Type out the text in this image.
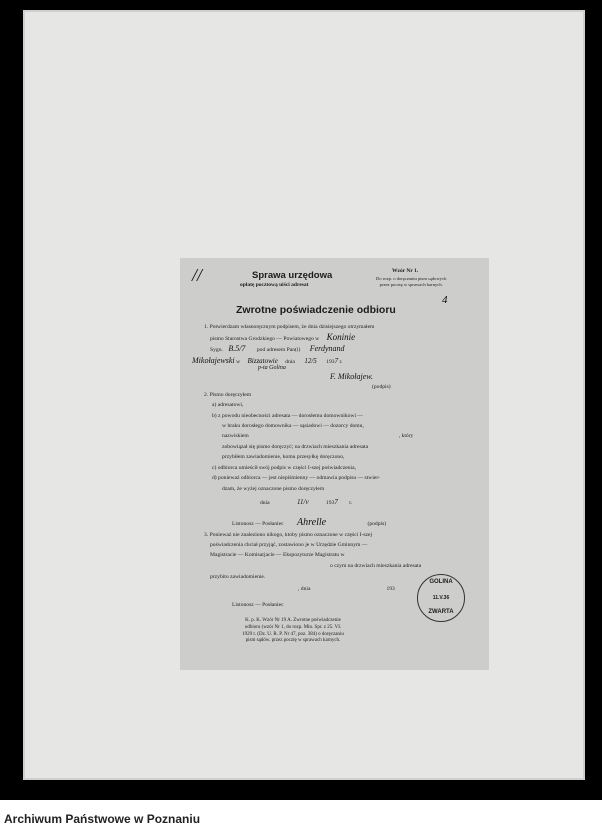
//	Sprawa urzędowa
opłatę pocztową uiści adresat
Wzór Nr 1.
Do rozp. o doręczaniu pism sądowych
przez pocztę w sprawach karnych.
4
Zwrotne poświadczenie odbioru
1. Potwierdzam własnoręcznym podpisem, że dnia dzisiejszego otrzymałem
pismo Starostwa Grodzkiego — Powiatowego w Koninie
Sygn. B.5/7 pod adresem Pan(i) Ferdynand
Mikołajewski w Bizzatowie dnia 12/5 1937 r.
p-ta Golina
F. Mikołajew.
(podpis)
2. Pismo doręczyłem
a) adresatowi,
b) z powodu nieobecności adresata — dorosłemu domownikowi —
w braku dorosłego domownika — sąsiadowi — dozorcy domu,
nazwiskiem	, który
zobowiązał się pismo doręczyć; na drzwiach mieszkania adresata
przybiłem zawiadomienie, komu przesyłkę doręczono,
c) odbiorca umieścił swój podpis w części I-szej poświadczenia,
d) ponieważ odbiorca — jest niepiśmienny — odmawia podpisu — stwier-
dzam, że wyżej oznaczone pismo doręczyłem
dnia	11/v	1937 r.
Listonosz — Posłaniec Ahrelle	(podpis)
3. Ponieważ nie znaleziono nikogo, ktoby pismo oznaczone w części I-szej
poświadczenia chciał przyjąć, zostawiono je w Urzędzie Gminnym —
Magistracie — Komisarjacie — Ekspozyturze Magistratu w
o czym na drzwiach mieszkania adresata
przybito zawiadomienie.
, dnia	193
Listonosz — Posłaniec
K. p. K. Wzór Nr 19 A. Zwrotne poświadczenie
odbioru (wzór Nr 1, do rozp. Min. Spr. z 25. VI.
1929 r. (Dz. U. R. P. Nr 47, poz. 384) o doręczaniu
pism sądów. przez pocztę w sprawach karnych.
GOLINA
11.V.36
ZWARTA
Archiwum Państwowe w Poznaniu
